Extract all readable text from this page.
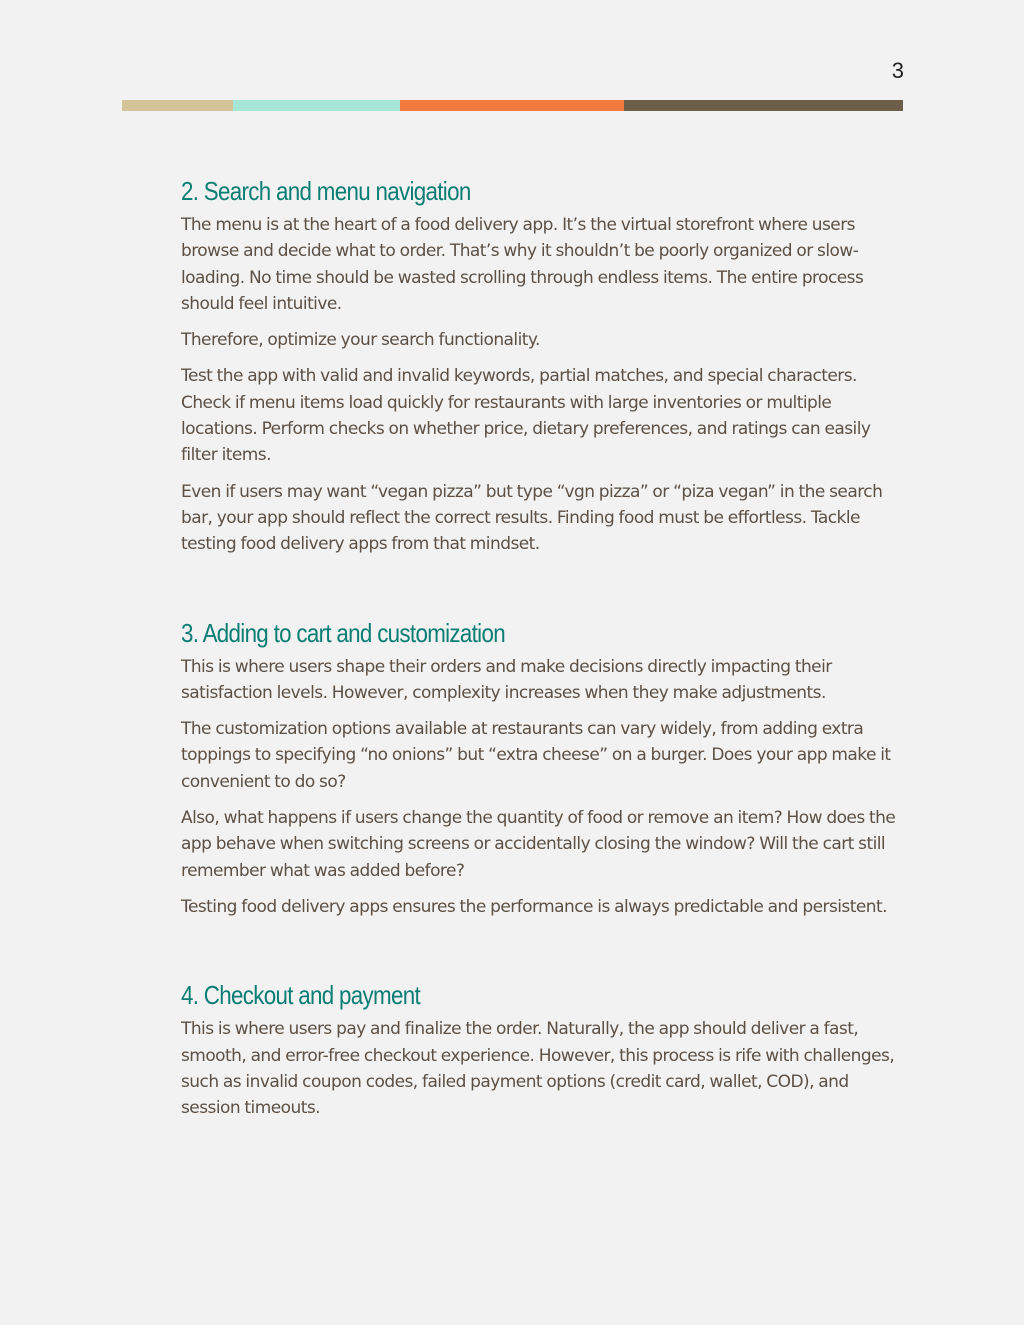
3
2. Search and menu navigation

The menu is at the heart of a food delivery app. It’s the virtual storefront where users browse and decide what to order. That’s why it shouldn’t be poorly organized or slow-loading. No time should be wasted scrolling through endless items. The entire process should feel intuitive.

Therefore, optimize your search functionality.

Test the app with valid and invalid keywords, partial matches, and special characters. Check if menu items load quickly for restaurants with large inventories or multiple locations. Perform checks on whether price, dietary preferences, and ratings can easily filter items.

Even if users may want “vegan pizza” but type “vgn pizza” or “piza vegan” in the search bar, your app should reflect the correct results. Finding food must be effortless. Tackle testing food delivery apps from that mindset.

3. Adding to cart and customization

This is where users shape their orders and make decisions directly impacting their satisfaction levels. However, complexity increases when they make adjustments.

The customization options available at restaurants can vary widely, from adding extra toppings to specifying “no onions” but “extra cheese” on a burger. Does your app make it convenient to do so?

Also, what happens if users change the quantity of food or remove an item? How does the app behave when switching screens or accidentally closing the window? Will the cart still remember what was added before?

Testing food delivery apps ensures the performance is always predictable and persistent.

4. Checkout and payment

This is where users pay and finalize the order. Naturally, the app should deliver a fast, smooth, and error-free checkout experience. However, this process is rife with challenges, such as invalid coupon codes, failed payment options (credit card, wallet, COD), and session timeouts.
